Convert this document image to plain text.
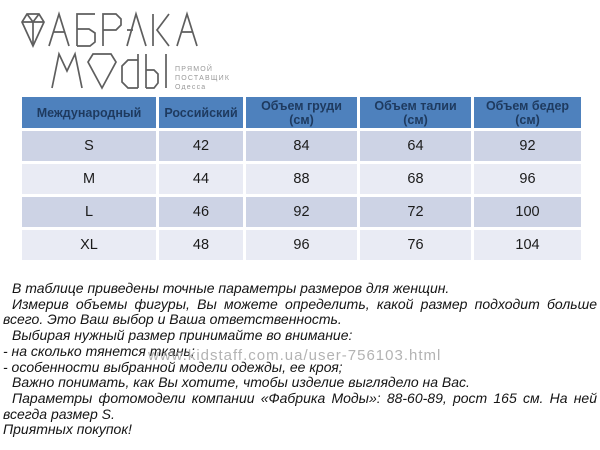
ПРЯМОЙ
ПОСТАВЩИК
Одесса
Международный	Российский	Объем груди (см)	Объем талии (см)	Объем бедер (см)
S	42	84	64	92
M	44	88	68	96
L	46	92	72	100
XL	48	96	76	104

В таблице приведены точные параметры размеров для женщин.

Измерив объемы фигуры, Вы можете определить, какой размер подходит больше всего. Это Ваш выбор и Ваша ответственность.

Выбирая нужный размер принимайте во внимание:

- на сколько тянется ткань;

- особенности выбранной модели одежды, ее кроя;

Важно понимать, как Вы хотите, чтобы изделие выглядело на Вас.

Параметры фотомодели компании «Фабрика Моды»: 88-60-89, рост 165 см. На ней всегда размер S.

Приятных покупок!

www.kidstaff.com.ua/user-756103.html
